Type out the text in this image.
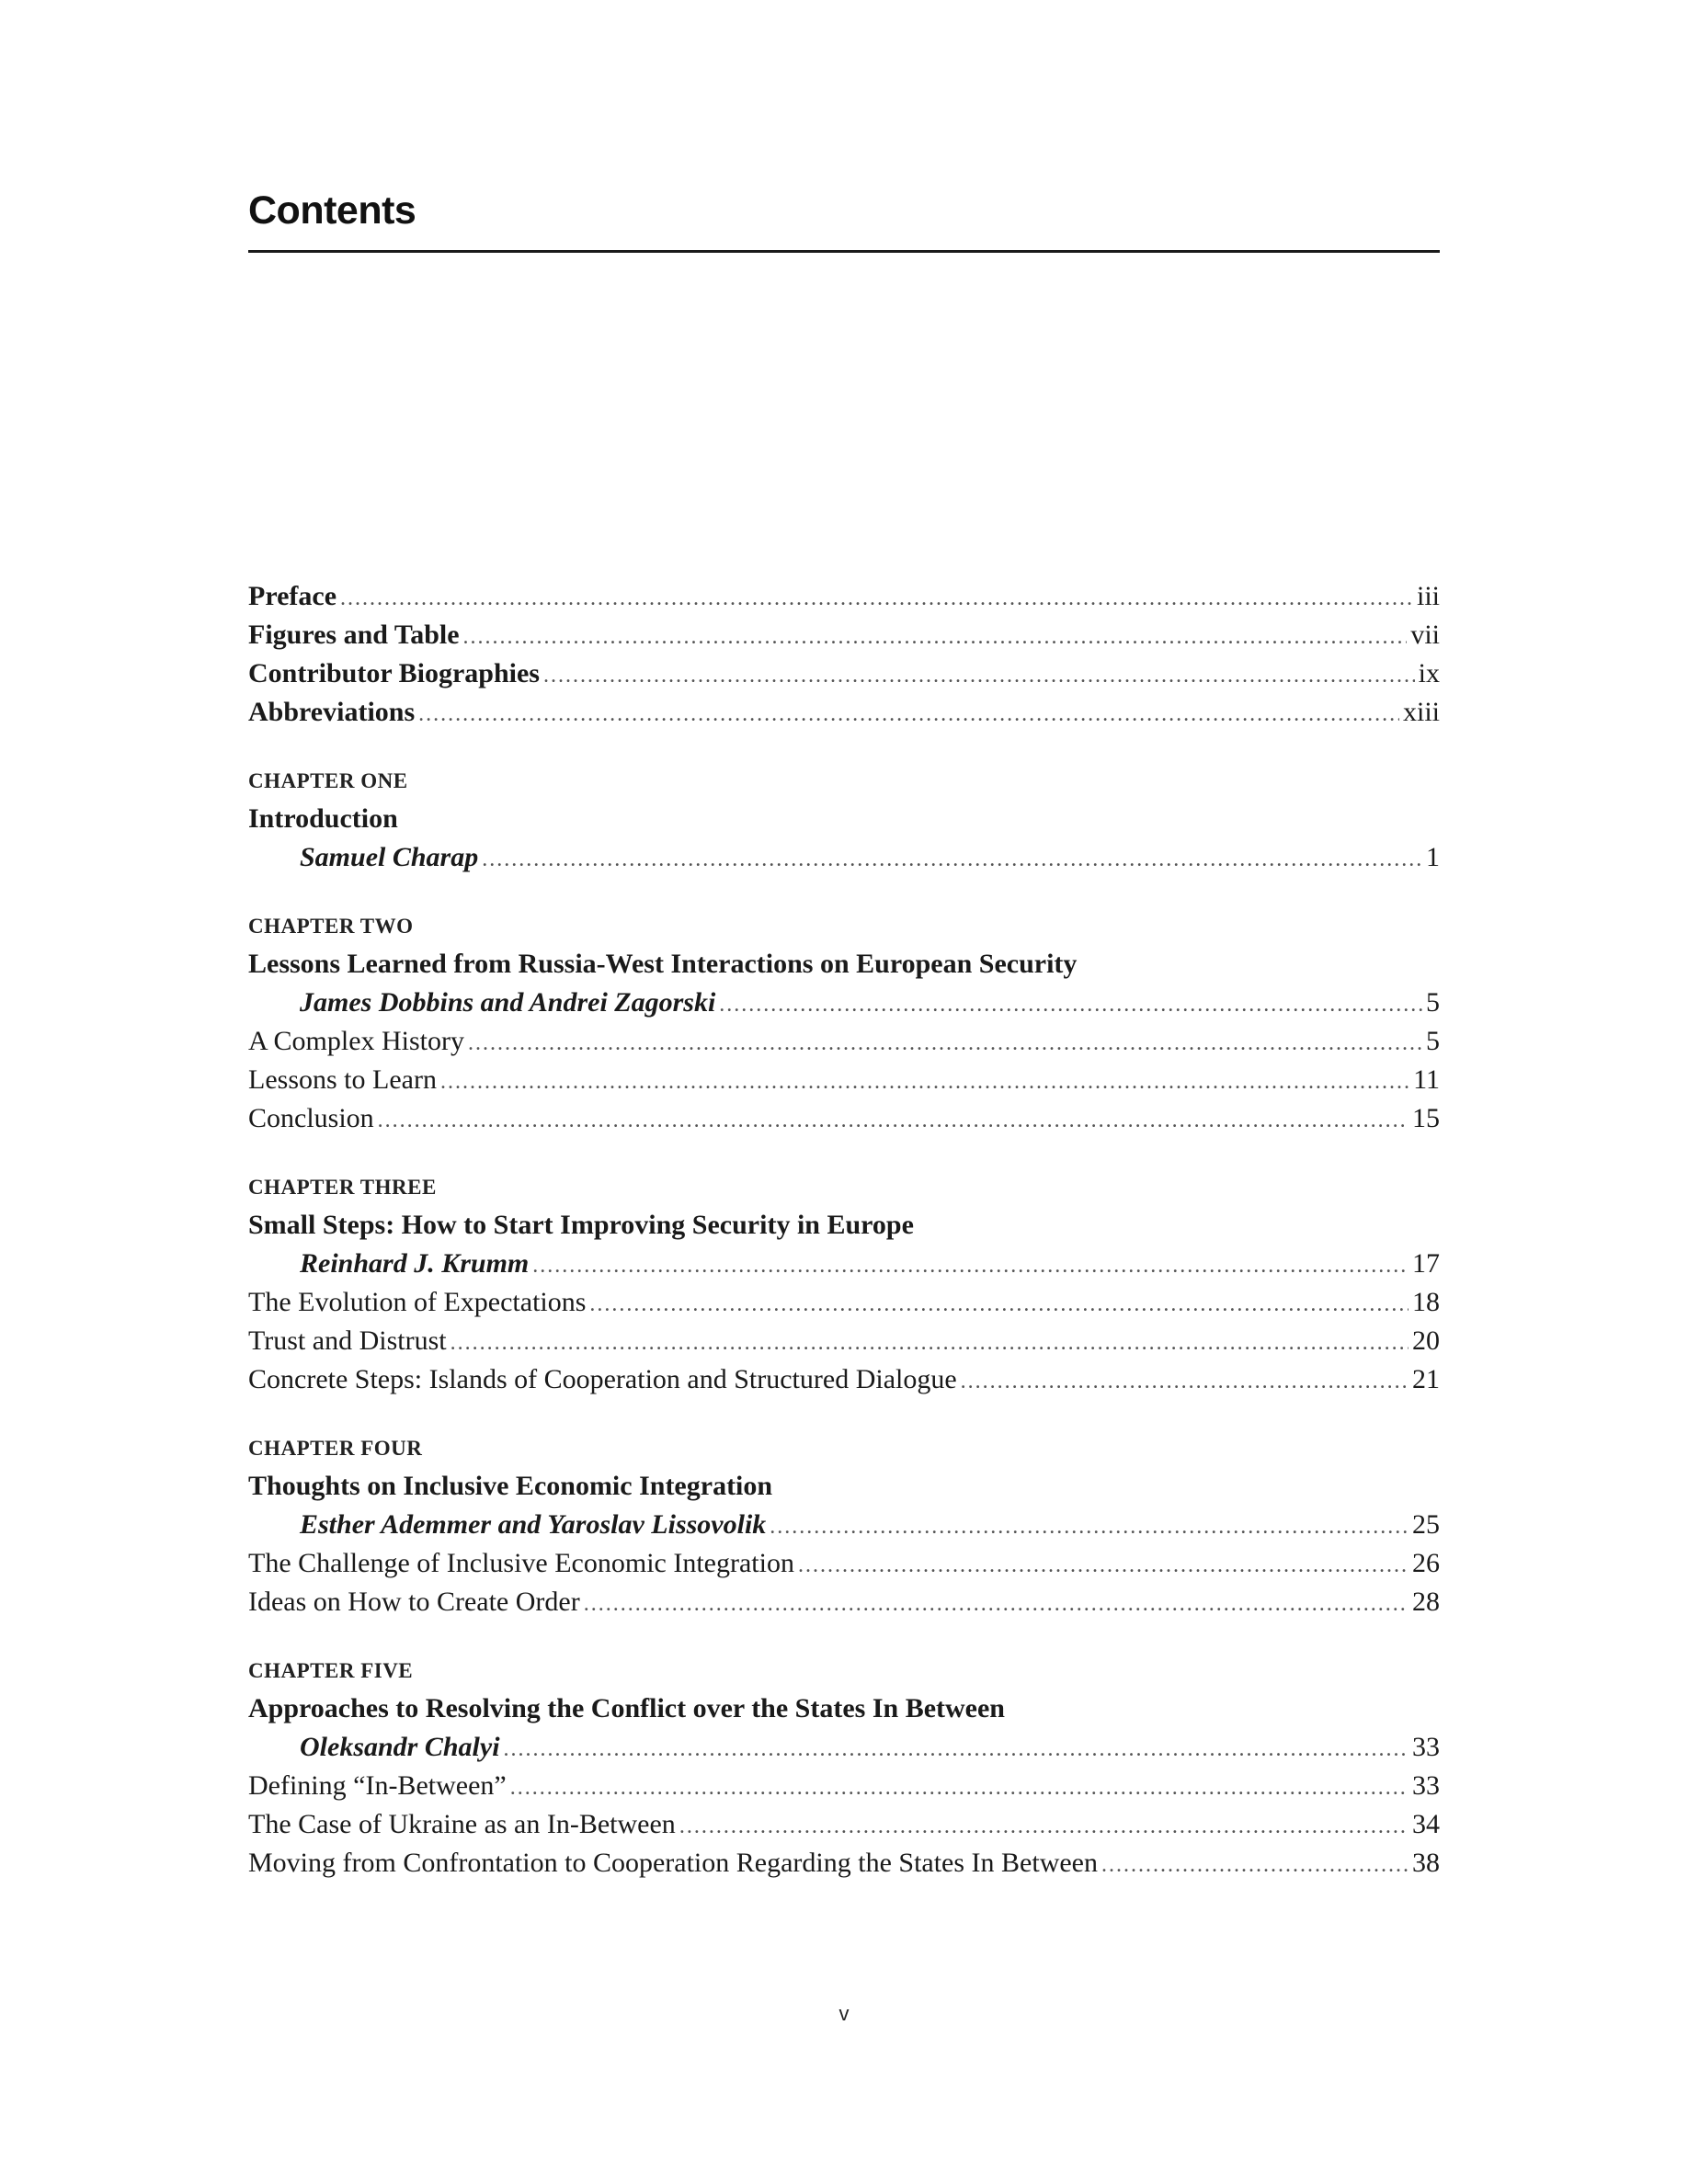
Contents
Preface . . .	iii
Figures and Table . . .	vii
Contributor Biographies . . .	ix
Abbreviations . . .	xiii
CHAPTER ONE
Introduction
Samuel Charap . . .	1
CHAPTER TWO
Lessons Learned from Russia-West Interactions on European Security
James Dobbins and Andrei Zagorski . . .	5
A Complex History . . .	5
Lessons to Learn . . .	11
Conclusion . . .	15
CHAPTER THREE
Small Steps: How to Start Improving Security in Europe
Reinhard J. Krumm . . .	17
The Evolution of Expectations . . .	18
Trust and Distrust . . .	20
Concrete Steps: Islands of Cooperation and Structured Dialogue . . .	21
CHAPTER FOUR
Thoughts on Inclusive Economic Integration
Esther Ademmer and Yaroslav Lissovolik . . .	25
The Challenge of Inclusive Economic Integration . . .	26
Ideas on How to Create Order . . .	28
CHAPTER FIVE
Approaches to Resolving the Conflict over the States In Between
Oleksandr Chalyi . . .	33
Defining “In-Between” . . .	33
The Case of Ukraine as an In-Between . . .	34
Moving from Confrontation to Cooperation Regarding the States In Between . . .	38
v
